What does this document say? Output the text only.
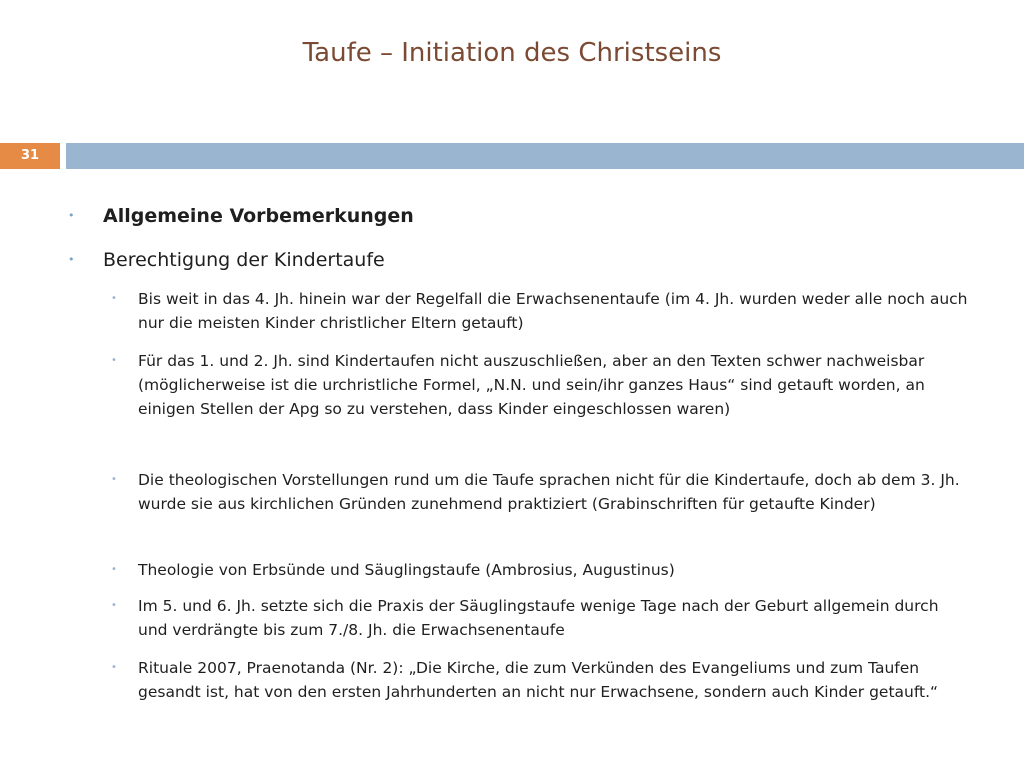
Taufe – Initiation des Christseins
31
• Allgemeine Vorbemerkungen
• Berechtigung der Kindertaufe
• Bis weit in das 4. Jh. hinein war der Regelfall die Erwachsenentaufe (im 4. Jh. wurden weder alle noch auch nur die meisten Kinder christlicher Eltern getauft)
• Für das 1. und 2. Jh. sind Kindertaufen nicht auszuschließen, aber an den Texten schwer nachweisbar (möglicherweise ist die urchristliche Formel, „N.N. und sein/ihr ganzes Haus“ sind getauft worden, an einigen Stellen der Apg so zu verstehen, dass Kinder eingeschlossen waren)
• Die theologischen Vorstellungen rund um die Taufe sprachen nicht für die Kindertaufe, doch ab dem 3. Jh. wurde sie aus kirchlichen Gründen zunehmend praktiziert (Grabinschriften für getaufte Kinder)
• Theologie von Erbsünde und Säuglingstaufe (Ambrosius, Augustinus)
• Im 5. und 6. Jh. setzte sich die Praxis der Säuglingstaufe wenige Tage nach der Geburt allgemein durch und verdrängte bis zum 7./8. Jh. die Erwachsenentaufe
• Rituale 2007, Praenotanda (Nr. 2): „Die Kirche, die zum Verkünden des Evangeliums und zum Taufen gesandt ist, hat von den ersten Jahrhunderten an nicht nur Erwachsene, sondern auch Kinder getauft.“
